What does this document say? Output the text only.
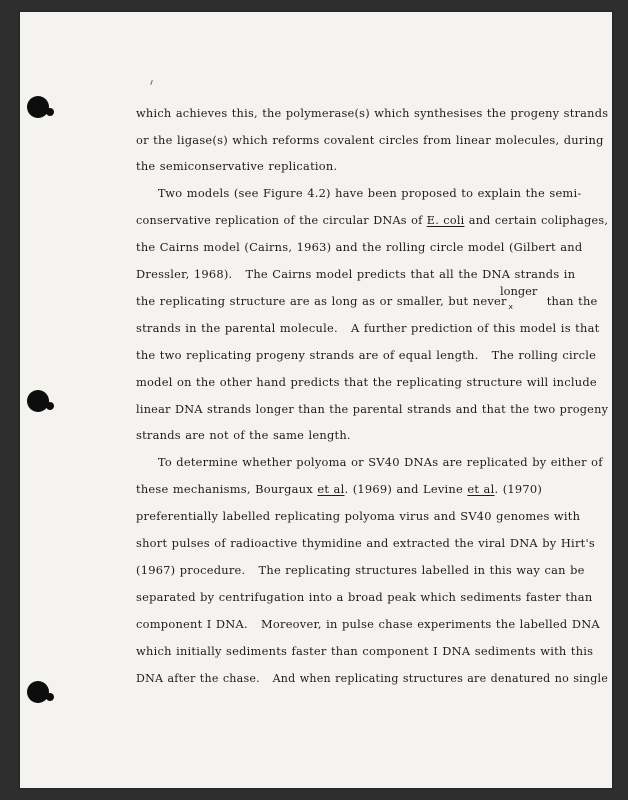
which achieves this, the polymerase(s) which synthesises the progeny strands
or the ligase(s) which reforms covalent circles from linear molecules, during
the semiconservative replication.
Two models (see Figure 4.2) have been proposed to explain the semi-
conservative replication of the circular DNAs of E. coli and certain coliphages,
the Cairns model (Cairns, 1963) and the rolling circle model (Gilbert and
Dressler, 1968).   The Cairns model predicts that all the DNA strands in
the replicating structure are as long as or smaller, but never	than the
longer
ₓ
strands in the parental molecule.   A further prediction of this model is that
the two replicating progeny strands are of equal length.   The rolling circle
model on the other hand predicts that the replicating structure will include
linear DNA strands longer than the parental strands and that the two progeny
strands are not of the same length.
To determine whether polyoma or SV40 DNAs are replicated by either of
these mechanisms, Bourgaux et al. (1969) and Levine et al. (1970)
preferentially labelled replicating polyoma virus and SV40 genomes with
short pulses of radioactive thymidine and extracted the viral DNA by Hirt's
(1967) procedure.   The replicating structures labelled in this way can be
separated by centrifugation into a broad peak which sediments faster than
component I DNA.   Moreover, in pulse chase experiments the labelled DNA
which initially sediments faster than component I DNA sediments with this
DNA after the chase.   And when replicating structures are denatured no single
